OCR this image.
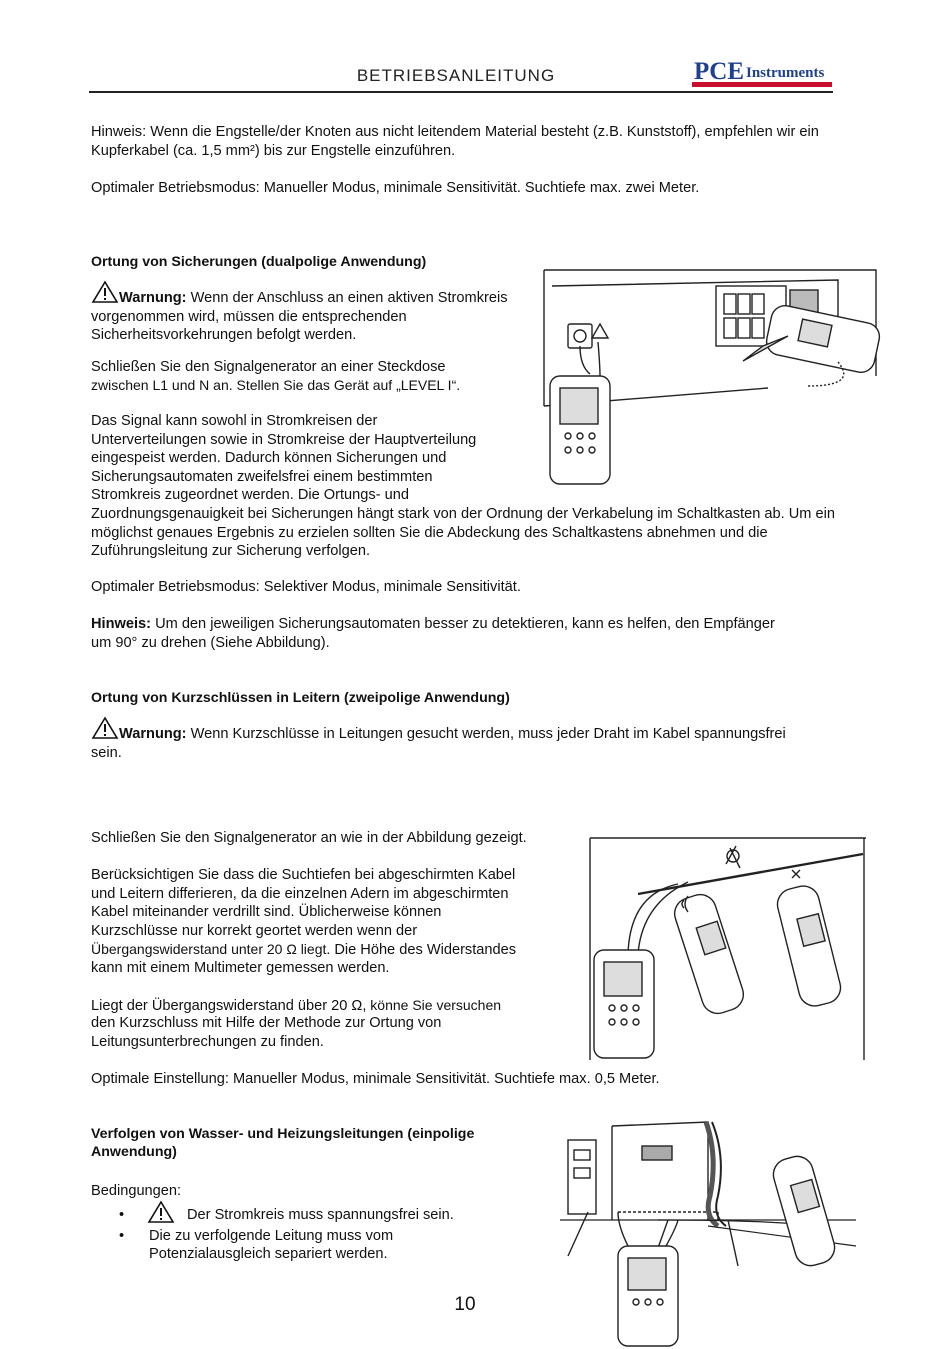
BETRIEBSANLEITUNG	PCE Instruments
Hinweis: Wenn die Engstelle/der Knoten aus nicht leitendem Material besteht (z.B. Kunststoff), empfehlen wir ein Kupferkabel (ca. 1,5 mm²) bis zur Engstelle einzuführen.
Optimaler Betriebsmodus: Manueller Modus, minimale Sensitivität. Suchtiefe max. zwei Meter.
Ortung von Sicherungen (dualpolige Anwendung)
Warnung: Wenn der Anschluss an einen aktiven Stromkreis vorgenommen wird, müssen die entsprechenden Sicherheitsvorkehrungen befolgt werden.
Schließen Sie den Signalgenerator an einer Steckdose
zwischen L1 und N an. Stellen Sie das Gerät auf „LEVEL I“.
Das Signal kann sowohl in Stromkreisen der
Unterverteilungen sowie in Stromkreise der Hauptverteilung
eingespeist werden. Dadurch können Sicherungen und
Sicherungsautomaten zweifelsfrei einem bestimmten
Stromkreis zugeordnet werden. Die Ortungs- und
Zuordnungsgenauigkeit bei Sicherungen hängt stark von der Ordnung der Verkabelung im Schaltkasten ab. Um ein möglichst genaues Ergebnis zu erzielen sollten Sie die Abdeckung des Schaltkastens abnehmen und die Zuführungsleitung zur Sicherung verfolgen.
Optimaler Betriebsmodus: Selektiver Modus, minimale Sensitivität.
Hinweis: Um den jeweiligen Sicherungsautomaten besser zu detektieren, kann es helfen, den Empfänger um 90° zu drehen (Siehe Abbildung).
Ortung von Kurzschlüssen in Leitern (zweipolige Anwendung)
Warnung: Wenn Kurzschlüsse in Leitungen gesucht werden, muss jeder Draht im Kabel spannungsfrei sein.
Schließen Sie den Signalgenerator an wie in der Abbildung gezeigt.
Berücksichtigen Sie dass die Suchtiefen bei abgeschirmten Kabel
und Leitern differieren, da die einzelnen Adern im abgeschirmten
Kabel miteinander verdrillt sind. Üblicherweise können
Kurzschlüsse nur korrekt geortet werden wenn der
Übergangswiderstand unter 20 Ω liegt. Die Höhe des Widerstandes
kann mit einem Multimeter gemessen werden.
Liegt der Übergangswiderstand über 20 Ω, könne Sie versuchen
den Kurzschluss mit Hilfe der Methode zur Ortung von
Leitungsunterbrechungen zu finden.
Optimale Einstellung: Manueller Modus, minimale Sensitivität. Suchtiefe max. 0,5 Meter.
Verfolgen von Wasser- und Heizungsleitungen (einpolige
Anwendung)
Bedingungen:
•	Der Stromkreis muss spannungsfrei sein.
• Die zu verfolgende Leitung muss vom
Potenzialausgleich separiert werden.
10
